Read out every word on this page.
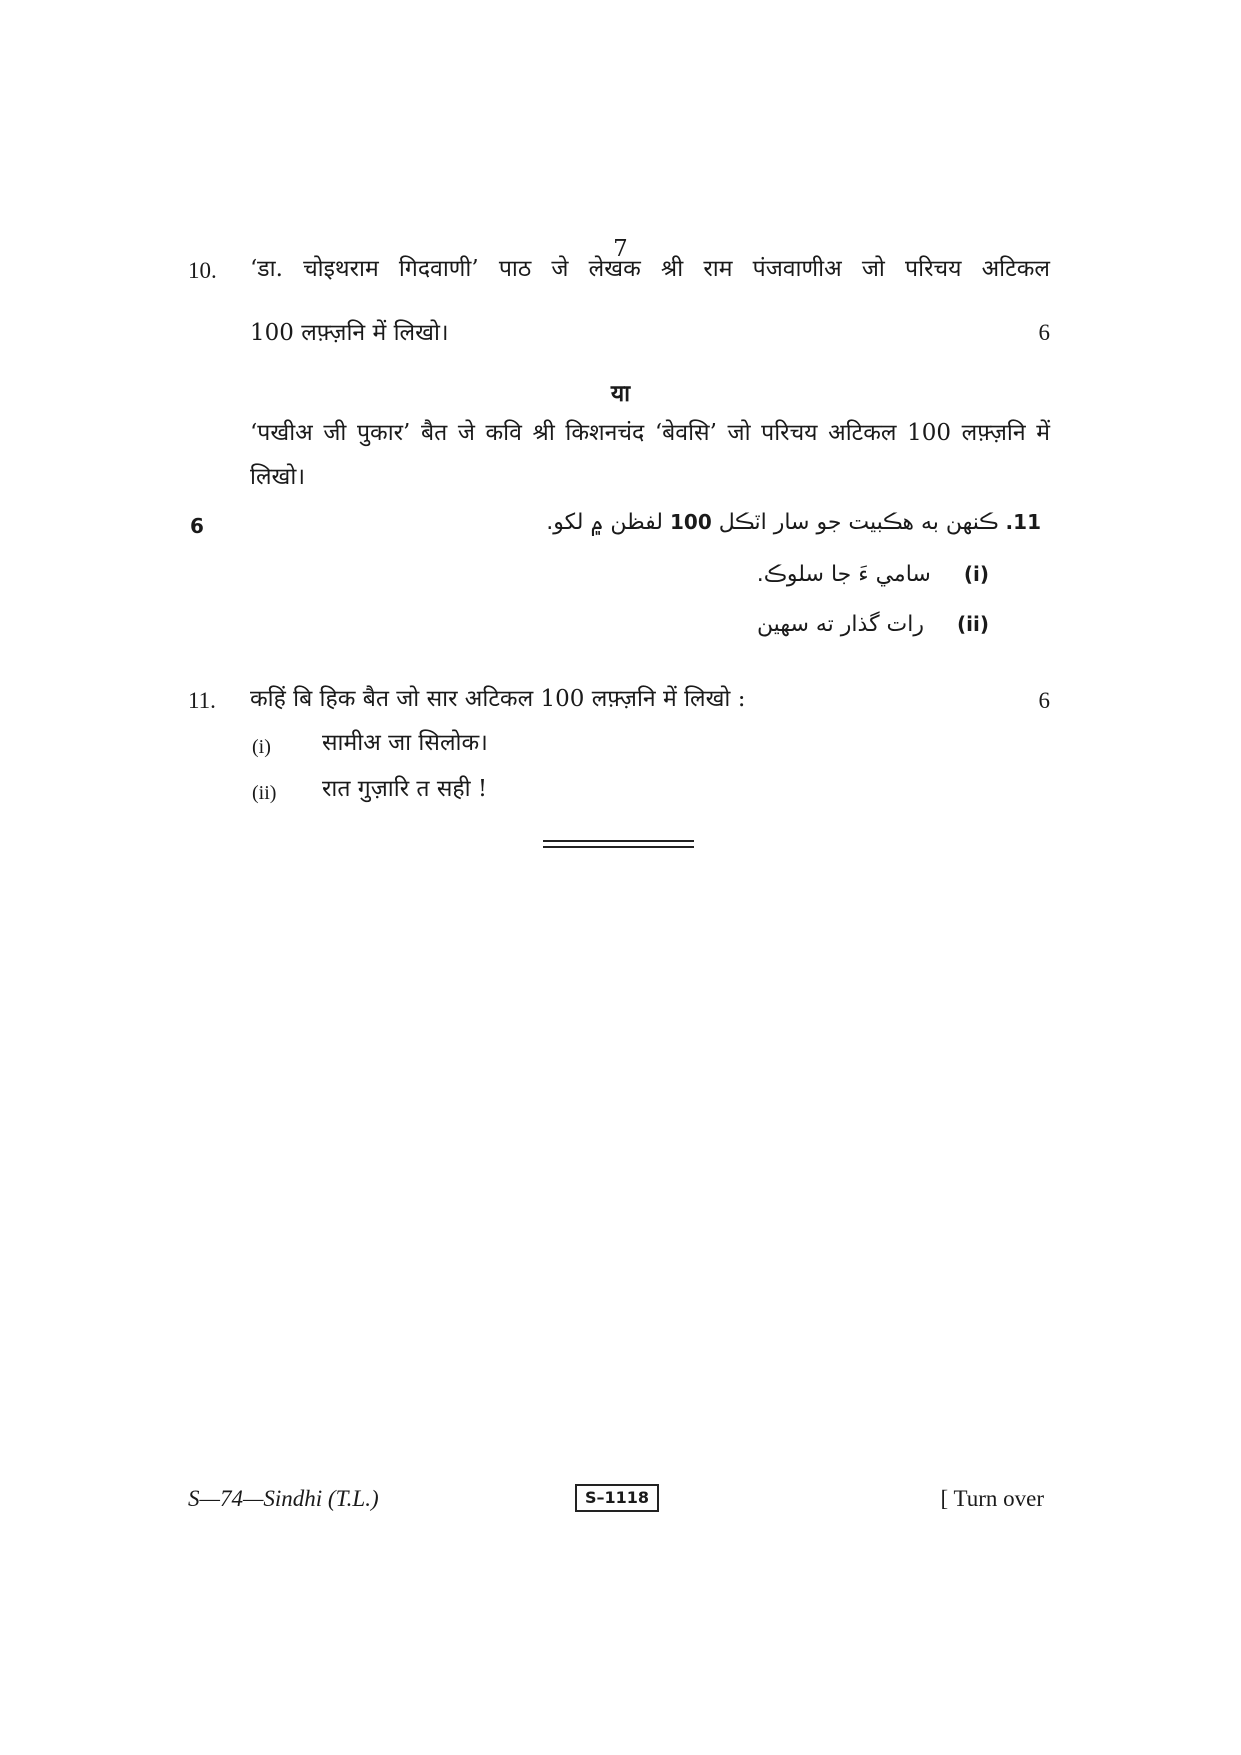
7
10. ‘डा. चोइथराम गिदवाणी’ पाठ जे लेखक श्री राम पंजवाणीअ जो परिचय अटिकल
100 लफ़्ज़नि में लिखो।	6
या
‘पखीअ जी पुकार’ बैत जे कवि श्री किशनचंद ‘बेवसि’ जो परिचय अटिकल 100 लफ़्ज़नि में
लिखो।
6	11. ڪنهن به هڪبيت جو سار اٽڪل 100 لفظن ۾ لکو.
(i) سامي ءَ جا سلوڪ.
(ii) رات گذار ته سهين
11. कहिं बि हिक बैत जो सार अटिकल 100 लफ़्ज़नि में लिखो :	6
(i) सामीअ जा सिलोक।
(ii) रात गुज़ारि त सही !
S—74—Sindhi (T.L.)	S–1118	[ Turn over
